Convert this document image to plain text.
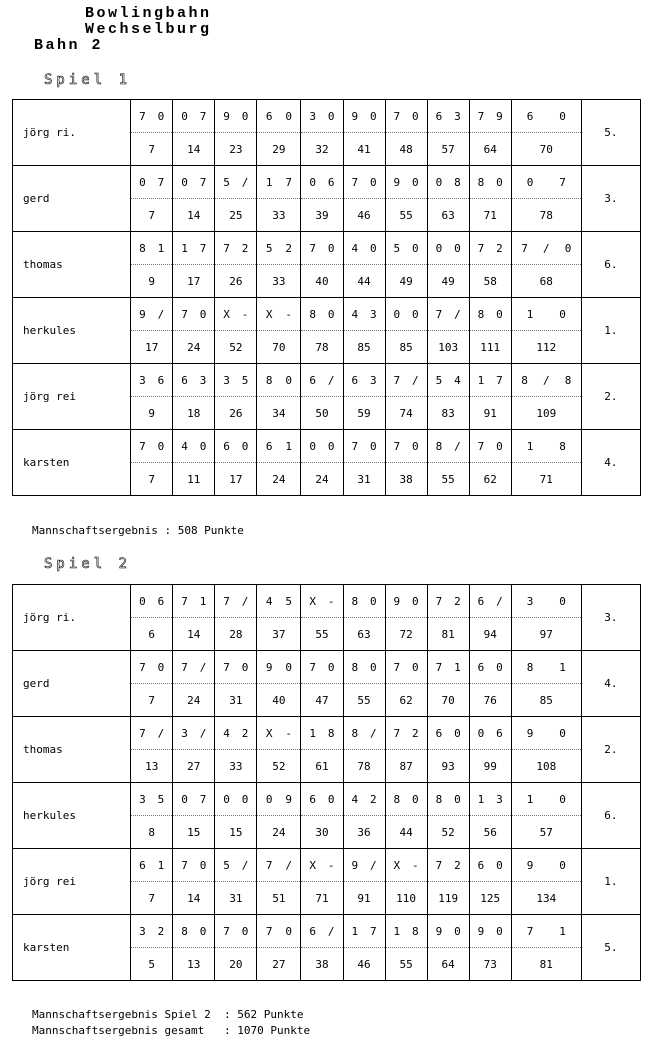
Bowlingbahn
Wechselburg
Bahn 2
Spiel 1
jörg ri.	7 0	0 7	9 0	6 0	3 0	9 0	7 0	6 3	7 9	6 0	5.
	7	14	23	29	32	41	48	57	64	70	
gerd	0 7	0 7	5 /	1 7	0 6	7 0	9 0	0 8	8 0	0 7	3.
	7	14	25	33	39	46	55	63	71	78	
thomas	8 1	1 7	7 2	5 2	7 0	4 0	5 0	0 0	7 2	7 / 0	6.
	9	17	26	33	40	44	49	49	58	68	
herkules	9 /	7 0	X -	X -	8 0	4 3	0 0	7 /	8 0	1 0	1.
	17	24	52	70	78	85	85	103	111	112	
jörg rei	3 6	6 3	3 5	8 0	6 /	6 3	7 /	5 4	1 7	8 / 8	2.
	9	18	26	34	50	59	74	83	91	109	
karsten	7 0	4 0	6 0	6 1	0 0	7 0	7 0	8 /	7 0	1 8	4.
	7	11	17	24	24	31	38	55	62	71	
Mannschaftsergebnis : 508 Punkte
Spiel 2
jörg ri.	0 6	7 1	7 /	4 5	X -	8 0	9 0	7 2	6 /	3 0	3.
	6	14	28	37	55	63	72	81	94	97	
gerd	7 0	7 /	7 0	9 0	7 0	8 0	7 0	7 1	6 0	8 1	4.
	7	24	31	40	47	55	62	70	76	85	
thomas	7 /	3 /	4 2	X -	1 8	8 /	7 2	6 0	0 6	9 0	2.
	13	27	33	52	61	78	87	93	99	108	
herkules	3 5	0 7	0 0	0 9	6 0	4 2	8 0	8 0	1 3	1 0	6.
	8	15	15	24	30	36	44	52	56	57	
jörg rei	6 1	7 0	5 /	7 /	X -	9 /	X -	7 2	6 0	9 0	1.
	7	14	31	51	71	91	110	119	125	134	
karsten	3 2	8 0	7 0	7 0	6 /	1 7	1 8	9 0	9 0	7 1	5.
	5	13	20	27	38	46	55	64	73	81	
Mannschaftsergebnis Spiel 2  : 562 Punkte
Mannschaftsergebnis gesamt   : 1070 Punkte
